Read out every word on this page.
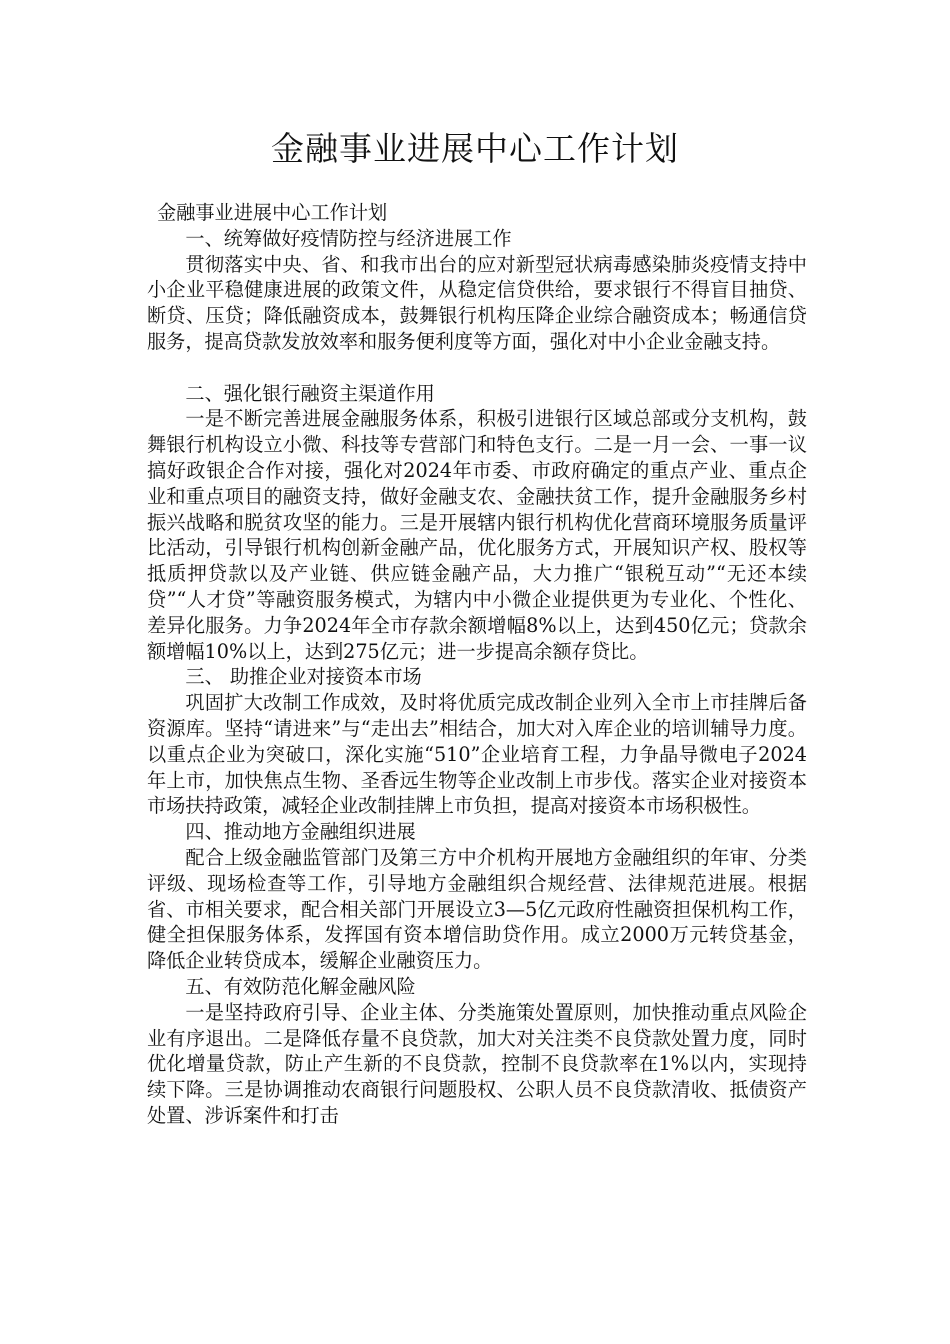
金融事业进展中心工作计划

金融事业进展中心工作计划

一、统筹做好疫情防控与经济进展工作

贯彻落实中央、省、和我市出台的应对新型冠状病毒感染肺炎疫情支持中小企业平稳健康进展的政策文件，从稳定信贷供给，要求银行不得盲目抽贷、断贷、压贷；降低融资成本，鼓舞银行机构压降企业综合融资成本；畅通信贷服务，提高贷款发放效率和服务便利度等方面，强化对中小企业金融支持。

二、强化银行融资主渠道作用

一是不断完善进展金融服务体系，积极引进银行区域总部或分支机构，鼓舞银行机构设立小微、科技等专营部门和特色支行。二是一月一会、一事一议搞好政银企合作对接，强化对2024年市委、市政府确定的重点产业、重点企业和重点项目的融资支持，做好金融支农、金融扶贫工作，提升金融服务乡村振兴战略和脱贫攻坚的能力。三是开展辖内银行机构优化营商环境服务质量评比活动，引导银行机构创新金融产品，优化服务方式，开展知识产权、股权等抵质押贷款以及产业链、供应链金融产品，大力推广“银税互动”“无还本续贷”“人才贷”等融资服务模式，为辖内中小微企业提供更为专业化、个性化、差异化服务。力争2024年全市存款余额增幅8%以上，达到450亿元；贷款余额增幅10%以上，达到275亿元；进一步提高余额存贷比。

三、 助推企业对接资本市场

巩固扩大改制工作成效，及时将优质完成改制企业列入全市上市挂牌后备资源库。坚持“请进来”与“走出去”相结合，加大对入库企业的培训辅导力度。以重点企业为突破口，深化实施“510”企业培育工程，力争晶导微电子2024年上市，加快焦点生物、圣香远生物等企业改制上市步伐。落实企业对接资本市场扶持政策，减轻企业改制挂牌上市负担，提高对接资本市场积极性。

四、推动地方金融组织进展

配合上级金融监管部门及第三方中介机构开展地方金融组织的年审、分类评级、现场检查等工作，引导地方金融组织合规经营、法律规范进展。根据省、市相关要求，配合相关部门开展设立3—5亿元政府性融资担保机构工作，健全担保服务体系，发挥国有资本增信助贷作用。成立2000万元转贷基金，降低企业转贷成本，缓解企业融资压力。

五、有效防范化解金融风险

一是坚持政府引导、企业主体、分类施策处置原则，加快推动重点风险企业有序退出。二是降低存量不良贷款，加大对关注类不良贷款处置力度，同时优化增量贷款，防止产生新的不良贷款，控制不良贷款率在1%以内，实现持续下降。三是协调推动农商银行问题股权、公职人员不良贷款清收、抵债资产处置、涉诉案件和打击
